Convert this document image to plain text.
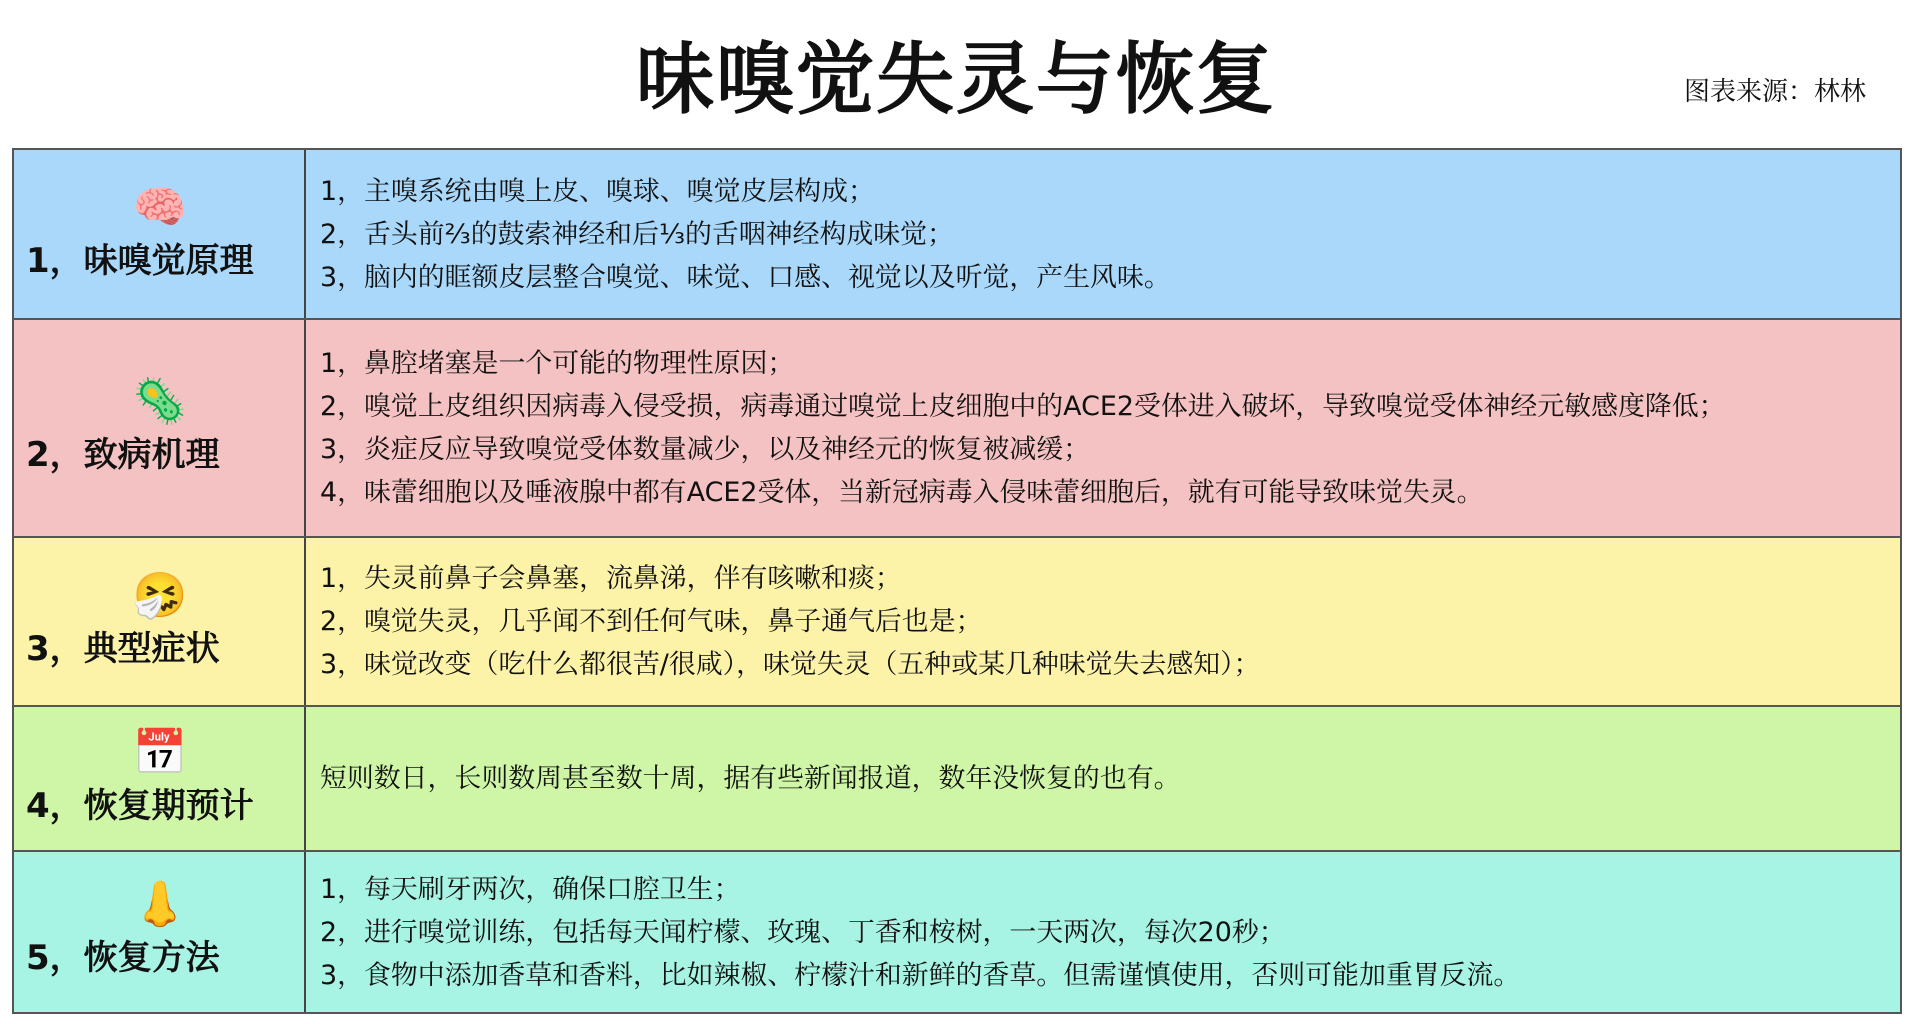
味嗅觉失灵与恢复	图表来源：林林
🧠
1，味嗅觉原理
1，主嗅系统由嗅上皮、嗅球、嗅觉皮层构成；
2，舌头前⅔的鼓索神经和后⅓的舌咽神经构成味觉；
3，脑内的眶额皮层整合嗅觉、味觉、口感、视觉以及听觉，产生风味。
🦠
2，致病机理
1，鼻腔堵塞是一个可能的物理性原因；
2，嗅觉上皮组织因病毒入侵受损，病毒通过嗅觉上皮细胞中的ACE2受体进入破坏，导致嗅觉受体神经元敏感度降低；
3，炎症反应导致嗅觉受体数量减少，以及神经元的恢复被减缓；
4，味蕾细胞以及唾液腺中都有ACE2受体，当新冠病毒入侵味蕾细胞后，就有可能导致味觉失灵。
🤧
3，典型症状
1，失灵前鼻子会鼻塞，流鼻涕，伴有咳嗽和痰；
2，嗅觉失灵，几乎闻不到任何气味，鼻子通气后也是；
3，味觉改变（吃什么都很苦/很咸），味觉失灵（五种或某几种味觉失去感知）；
📅
4，恢复期预计
短则数日，长则数周甚至数十周，据有些新闻报道，数年没恢复的也有。
👃
5，恢复方法
1，每天刷牙两次，确保口腔卫生；
2，进行嗅觉训练，包括每天闻柠檬、玫瑰、丁香和桉树，一天两次，每次20秒；
3，食物中添加香草和香料，比如辣椒、柠檬汁和新鲜的香草。但需谨慎使用，否则可能加重胃反流。
